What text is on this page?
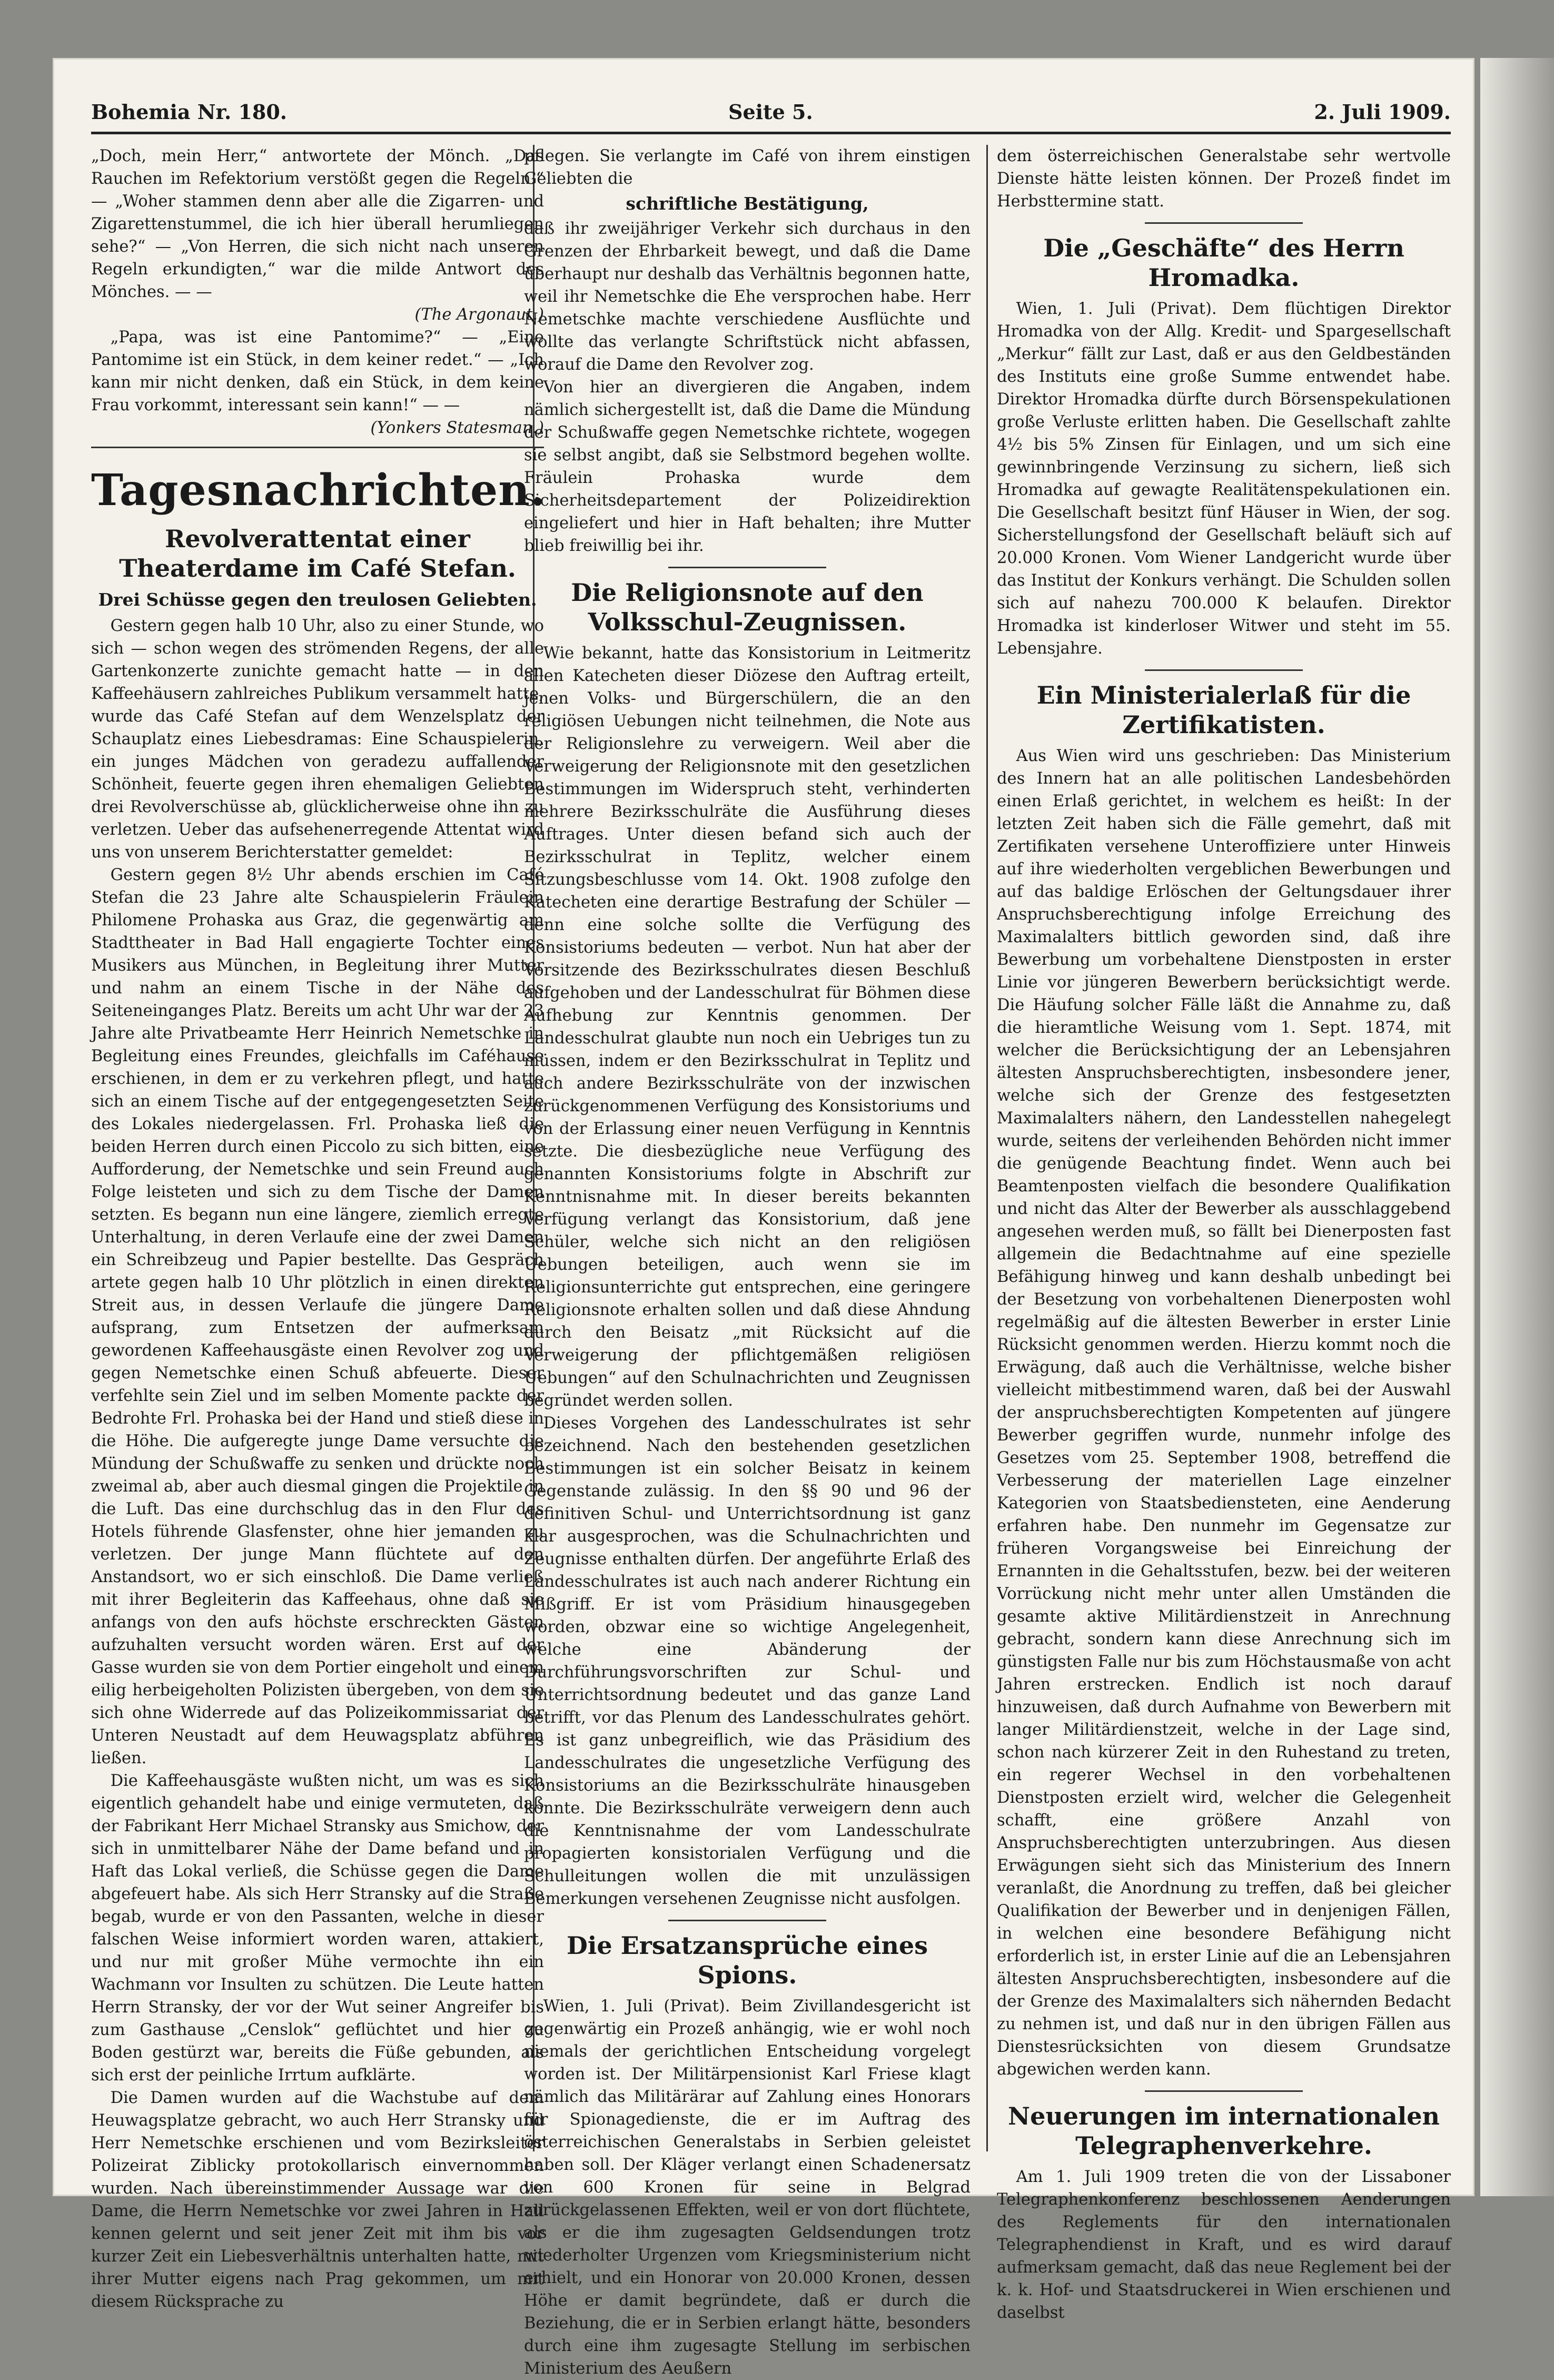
Bohemia Nr. 180.	Seite 5.	2. Juli 1909.

„Doch, mein Herr,“ antwortete der Mönch. „Das Rauchen im Refektorium verstößt gegen die Regeln.“ — „Woher stammen denn aber alle die Zigarren- und Zigarettenstummel, die ich hier überall herumliegen sehe?“ — „Von Herren, die sich nicht nach unseren Regeln erkundigten,“ war die milde Antwort des Mönches. — —

(The Argonaut.)

„Papa, was ist eine Pantomime?“ — „Eine Pantomime ist ein Stück, in dem keiner redet.“ — „Ich kann mir nicht denken, daß ein Stück, in dem keine Frau vorkommt, interessant sein kann!“ — —

(Yonkers Statesman.)

Tagesnachrichten.
Revolverattentat einer Theaterdame im Café Stefan.
Drei Schüsse gegen den treulosen Geliebten.

Gestern gegen halb 10 Uhr, also zu einer Stunde, wo sich — schon wegen des strömenden Regens, der alle Gartenkonzerte zunichte gemacht hatte — in den Kaffeehäusern zahlreiches Publikum versammelt hatte, wurde das Café Stefan auf dem Wenzelsplatz der Schauplatz eines Liebesdramas: Eine Schauspielerin, ein junges Mädchen von geradezu auffallender Schönheit, feuerte gegen ihren ehemaligen Geliebten drei Revolverschüsse ab, glücklicherweise ohne ihn zu verletzen. Ueber das aufsehenerregende Attentat wird uns von unserem Berichterstatter gemeldet:

Gestern gegen 8½ Uhr abends erschien im Café Stefan die 23 Jahre alte Schauspielerin Fräulein Philomene Prohaska aus Graz, die gegenwärtig am Stadttheater in Bad Hall engagierte Tochter eines Musikers aus München, in Begleitung ihrer Mutter und nahm an einem Tische in der Nähe des Seiteneinganges Platz. Bereits um acht Uhr war der 23 Jahre alte Privatbeamte Herr Heinrich Nemetschke in Begleitung eines Freundes, gleichfalls im Caféhause erschienen, in dem er zu verkehren pflegt, und hatte sich an einem Tische auf der entgegengesetzten Seite des Lokales niedergelassen. Frl. Prohaska ließ die beiden Herren durch einen Piccolo zu sich bitten, eine Aufforderung, der Nemetschke und sein Freund auch Folge leisteten und sich zu dem Tische der Damen setzten. Es begann nun eine längere, ziemlich erregte Unterhaltung, in deren Verlaufe eine der zwei Damen ein Schreibzeug und Papier bestellte. Das Gespräch artete gegen halb 10 Uhr plötzlich in einen direkten Streit aus, in dessen Verlaufe die jüngere Dame aufsprang, zum Entsetzen der aufmerksam gewordenen Kaffeehausgäste einen Revolver zog und gegen Nemetschke einen Schuß abfeuerte. Dieser verfehlte sein Ziel und im selben Momente packte der Bedrohte Frl. Prohaska bei der Hand und stieß diese in die Höhe. Die aufgeregte junge Dame versuchte die Mündung der Schußwaffe zu senken und drückte noch zweimal ab, aber auch diesmal gingen die Projektile in die Luft. Das eine durchschlug das in den Flur des Hotels führende Glasfenster, ohne hier jemanden zu verletzen. Der junge Mann flüchtete auf den Anstandsort, wo er sich einschloß. Die Dame verließ mit ihrer Begleiterin das Kaffeehaus, ohne daß sie anfangs von den aufs höchste erschreckten Gästen aufzuhalten versucht worden wären. Erst auf der Gasse wurden sie von dem Portier eingeholt und einem eilig herbeigeholten Polizisten übergeben, von dem sie sich ohne Widerrede auf das Polizeikommissariat der Unteren Neustadt auf dem Heuwagsplatz abführen ließen.

Die Kaffeehausgäste wußten nicht, um was es sich eigentlich gehandelt habe und einige vermuteten, daß der Fabrikant Herr Michael Stransky aus Smichow, der sich in unmittelbarer Nähe der Dame befand und in Haft das Lokal verließ, die Schüsse gegen die Dame abgefeuert habe. Als sich Herr Stransky auf die Straße begab, wurde er von den Passanten, welche in dieser falschen Weise informiert worden waren, attakiert, und nur mit großer Mühe vermochte ihn ein Wachmann vor Insulten zu schützen. Die Leute hatten Herrn Stransky, der vor der Wut seiner Angreifer bis zum Gasthause „Censlok“ geflüchtet und hier zu Boden gestürzt war, bereits die Füße gebunden, als sich erst der peinliche Irrtum aufklärte.

Die Damen wurden auf die Wachstube auf dem Heuwagsplatze gebracht, wo auch Herr Stransky und Herr Nemetschke erschienen und vom Bezirksleiter Polizeirat Ziblicky protokollarisch einvernommen wurden. Nach übereinstimmender Aussage war die Dame, die Herrn Nemetschke vor zwei Jahren in Hall kennen gelernt und seit jener Zeit mit ihm bis vor kurzer Zeit ein Liebesverhältnis unterhalten hatte, mit ihrer Mutter eigens nach Prag gekommen, um mit diesem Rücksprache zu

pflegen. Sie verlangte im Café von ihrem einstigen Geliebten die

schriftliche Bestätigung,

daß ihr zweijähriger Verkehr sich durchaus in den Grenzen der Ehrbarkeit bewegt, und daß die Dame überhaupt nur deshalb das Verhältnis begonnen hatte, weil ihr Nemetschke die Ehe versprochen habe. Herr Nemetschke machte verschiedene Ausflüchte und wollte das verlangte Schriftstück nicht abfassen, worauf die Dame den Revolver zog.

Von hier an divergieren die Angaben, indem nämlich sichergestellt ist, daß die Dame die Mündung der Schußwaffe gegen Nemetschke richtete, wogegen sie selbst angibt, daß sie Selbstmord begehen wollte. Fräulein Prohaska wurde dem Sicherheitsdepartement der Polizeidirektion eingeliefert und hier in Haft behalten; ihre Mutter blieb freiwillig bei ihr.

Die Religionsnote auf den Volksschul-Zeugnissen.

Wie bekannt, hatte das Konsistorium in Leitmeritz allen Katecheten dieser Diözese den Auftrag erteilt, jenen Volks- und Bürgerschülern, die an den religiösen Uebungen nicht teilnehmen, die Note aus der Religionslehre zu verweigern. Weil aber die Verweigerung der Religionsnote mit den gesetzlichen Bestimmungen im Widerspruch steht, verhinderten mehrere Bezirksschulräte die Ausführung dieses Auftrages. Unter diesen befand sich auch der Bezirksschulrat in Teplitz, welcher einem Sitzungsbeschlusse vom 14. Okt. 1908 zufolge den Katecheten eine derartige Bestrafung der Schüler — denn eine solche sollte die Verfügung des Konsistoriums bedeuten — verbot. Nun hat aber der Vorsitzende des Bezirksschulrates diesen Beschluß aufgehoben und der Landesschulrat für Böhmen diese Aufhebung zur Kenntnis genommen. Der Landesschulrat glaubte nun noch ein Uebriges tun zu müssen, indem er den Bezirksschulrat in Teplitz und auch andere Bezirksschulräte von der inzwischen zurückgenommenen Verfügung des Konsistoriums und von der Erlassung einer neuen Verfügung in Kenntnis setzte. Die diesbezügliche neue Verfügung des genannten Konsistoriums folgte in Abschrift zur Kenntnisnahme mit. In dieser bereits bekannten Verfügung verlangt das Konsistorium, daß jene Schüler, welche sich nicht an den religiösen Uebungen beteiligen, auch wenn sie im Religionsunterrichte gut entsprechen, eine geringere Religionsnote erhalten sollen und daß diese Ahndung durch den Beisatz „mit Rücksicht auf die Verweigerung der pflichtgemäßen religiösen Uebungen“ auf den Schulnachrichten und Zeugnissen begründet werden sollen.

Dieses Vorgehen des Landesschulrates ist sehr bezeichnend. Nach den bestehenden gesetzlichen Bestimmungen ist ein solcher Beisatz in keinem Gegenstande zulässig. In den §§ 90 und 96 der definitiven Schul- und Unterrichtsordnung ist ganz klar ausgesprochen, was die Schulnachrichten und Zeugnisse enthalten dürfen. Der angeführte Erlaß des Landesschulrates ist auch nach anderer Richtung ein Mißgriff. Er ist vom Präsidium hinausgegeben worden, obzwar eine so wichtige Angelegenheit, welche eine Abänderung der Durchführungsvorschriften zur Schul- und Unterrichtsordnung bedeutet und das ganze Land betrifft, vor das Plenum des Landesschulrates gehört. Es ist ganz unbegreiflich, wie das Präsidium des Landesschulrates die ungesetzliche Verfügung des Konsistoriums an die Bezirksschulräte hinausgeben konnte. Die Bezirksschulräte verweigern denn auch die Kenntnisnahme der vom Landesschulrate propagierten konsistorialen Verfügung und die Schulleitungen wollen die mit unzulässigen Bemerkungen versehenen Zeugnisse nicht ausfolgen.

Die Ersatzansprüche eines Spions.

Wien, 1. Juli (Privat). Beim Zivillandesgericht ist gegenwärtig ein Prozeß anhängig, wie er wohl noch niemals der gerichtlichen Entscheidung vorgelegt worden ist. Der Militärpensionist Karl Friese klagt nämlich das Militärärar auf Zahlung eines Honorars für Spionagedienste, die er im Auftrag des österreichischen Generalstabs in Serbien geleistet haben soll. Der Kläger verlangt einen Schadenersatz von 600 Kronen für seine in Belgrad zurückgelassenen Effekten, weil er von dort flüchtete, als er die ihm zugesagten Geldsendungen trotz wiederholter Urgenzen vom Kriegsministerium nicht erhielt, und ein Honorar von 20.000 Kronen, dessen Höhe er damit begründete, daß er durch die Beziehung, die er in Serbien erlangt hätte, besonders durch eine ihm zugesagte Stellung im serbischen Ministerium des Aeußern

dem österreichischen Generalstabe sehr wertvolle Dienste hätte leisten können. Der Prozeß findet im Herbsttermine statt.

Die „Geschäfte“ des Herrn Hromadka.

Wien, 1. Juli (Privat). Dem flüchtigen Direktor Hromadka von der Allg. Kredit- und Spargesellschaft „Merkur“ fällt zur Last, daß er aus den Geldbeständen des Instituts eine große Summe entwendet habe. Direktor Hromadka dürfte durch Börsenspekulationen große Verluste erlitten haben. Die Gesellschaft zahlte 4½ bis 5% Zinsen für Einlagen, und um sich eine gewinnbringende Verzinsung zu sichern, ließ sich Hromadka auf gewagte Realitätenspekulationen ein. Die Gesellschaft besitzt fünf Häuser in Wien, der sog. Sicherstellungsfond der Gesellschaft beläuft sich auf 20.000 Kronen. Vom Wiener Landgericht wurde über das Institut der Konkurs verhängt. Die Schulden sollen sich auf nahezu 700.000 K belaufen. Direktor Hromadka ist kinderloser Witwer und steht im 55. Lebensjahre.

Ein Ministerialerlaß für die Zertifikatisten.

Aus Wien wird uns geschrieben: Das Ministerium des Innern hat an alle politischen Landesbehörden einen Erlaß gerichtet, in welchem es heißt: In der letzten Zeit haben sich die Fälle gemehrt, daß mit Zertifikaten versehene Unteroffiziere unter Hinweis auf ihre wiederholten vergeblichen Bewerbungen und auf das baldige Erlöschen der Geltungsdauer ihrer Anspruchsberechtigung infolge Erreichung des Maximalalters bittlich geworden sind, daß ihre Bewerbung um vorbehaltene Dienstposten in erster Linie vor jüngeren Bewerbern berücksichtigt werde. Die Häufung solcher Fälle läßt die Annahme zu, daß die hieramtliche Weisung vom 1. Sept. 1874, mit welcher die Berücksichtigung der an Lebensjahren ältesten Anspruchsberechtigten, insbesondere jener, welche sich der Grenze des festgesetzten Maximalalters nähern, den Landesstellen nahegelegt wurde, seitens der verleihenden Behörden nicht immer die genügende Beachtung findet. Wenn auch bei Beamtenposten vielfach die besondere Qualifikation und nicht das Alter der Bewerber als ausschlaggebend angesehen werden muß, so fällt bei Dienerposten fast allgemein die Bedachtnahme auf eine spezielle Befähigung hinweg und kann deshalb unbedingt bei der Besetzung von vorbehaltenen Dienerposten wohl regelmäßig auf die ältesten Bewerber in erster Linie Rücksicht genommen werden. Hierzu kommt noch die Erwägung, daß auch die Verhältnisse, welche bisher vielleicht mitbestimmend waren, daß bei der Auswahl der anspruchsberechtigten Kompetenten auf jüngere Bewerber gegriffen wurde, nunmehr infolge des Gesetzes vom 25. September 1908, betreffend die Verbesserung der materiellen Lage einzelner Kategorien von Staatsbediensteten, eine Aenderung erfahren habe. Den nunmehr im Gegensatze zur früheren Vorgangsweise bei Einreichung der Ernannten in die Gehaltsstufen, bezw. bei der weiteren Vorrückung nicht mehr unter allen Umständen die gesamte aktive Militärdienstzeit in Anrechnung gebracht, sondern kann diese Anrechnung sich im günstigsten Falle nur bis zum Höchstausmaße von acht Jahren erstrecken. Endlich ist noch darauf hinzuweisen, daß durch Aufnahme von Bewerbern mit langer Militärdienstzeit, welche in der Lage sind, schon nach kürzerer Zeit in den Ruhestand zu treten, ein regerer Wechsel in den vorbehaltenen Dienstposten erzielt wird, welcher die Gelegenheit schafft, eine größere Anzahl von Anspruchsberechtigten unterzubringen. Aus diesen Erwägungen sieht sich das Ministerium des Innern veranlaßt, die Anordnung zu treffen, daß bei gleicher Qualifikation der Bewerber und in denjenigen Fällen, in welchen eine besondere Befähigung nicht erforderlich ist, in erster Linie auf die an Lebensjahren ältesten Anspruchsberechtigten, insbesondere auf die der Grenze des Maximalalters sich nähernden Bedacht zu nehmen ist, und daß nur in den übrigen Fällen aus Dienstesrücksichten von diesem Grundsatze abgewichen werden kann.

Neuerungen im internationalen Telegraphenverkehre.

Am 1. Juli 1909 treten die von der Lissaboner Telegraphenkonferenz beschlossenen Aenderungen des Reglements für den internationalen Telegraphendienst in Kraft, und es wird darauf aufmerksam gemacht, daß das neue Reglement bei der k. k. Hof- und Staatsdruckerei in Wien erschienen und daselbst
